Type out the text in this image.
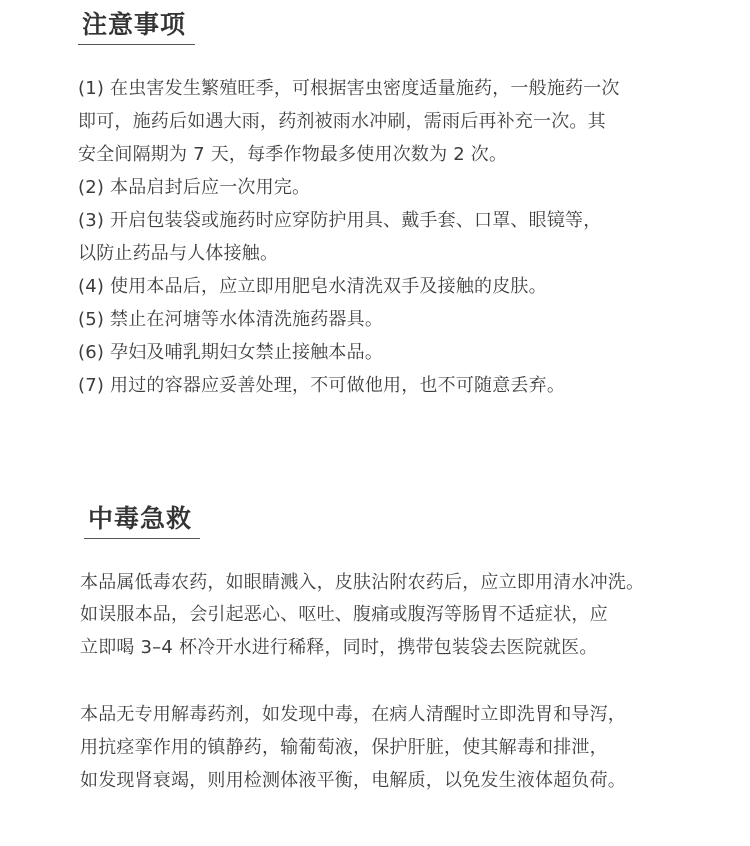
注意事项
(1) 在虫害发生繁殖旺季，可根据害虫密度适量施药，一般施药一次
即可，施药后如遇大雨，药剂被雨水冲刷，需雨后再补充一次。其
安全间隔期为 7 天，每季作物最多使用次数为 2 次。
(2) 本品启封后应一次用完。
(3) 开启包装袋或施药时应穿防护用具、戴手套、口罩、眼镜等，
以防止药品与人体接触。
(4) 使用本品后，应立即用肥皂水清洗双手及接触的皮肤。
(5) 禁止在河塘等水体清洗施药器具。
(6) 孕妇及哺乳期妇女禁止接触本品。
(7) 用过的容器应妥善处理，不可做他用，也不可随意丢弃。
中毒急救
本品属低毒农药，如眼睛溅入，皮肤沾附农药后，应立即用清水冲洗。
如误服本品，会引起恶心、呕吐、腹痛或腹泻等肠胃不适症状，应
立即喝 3–4 杯冷开水进行稀释，同时，携带包装袋去医院就医。
本品无专用解毒药剂，如发现中毒，在病人清醒时立即洗胃和导泻，
用抗痉挛作用的镇静药，输葡萄液，保护肝脏，使其解毒和排泄，
如发现肾衰竭，则用检测体液平衡，电解质，以免发生液体超负荷。
